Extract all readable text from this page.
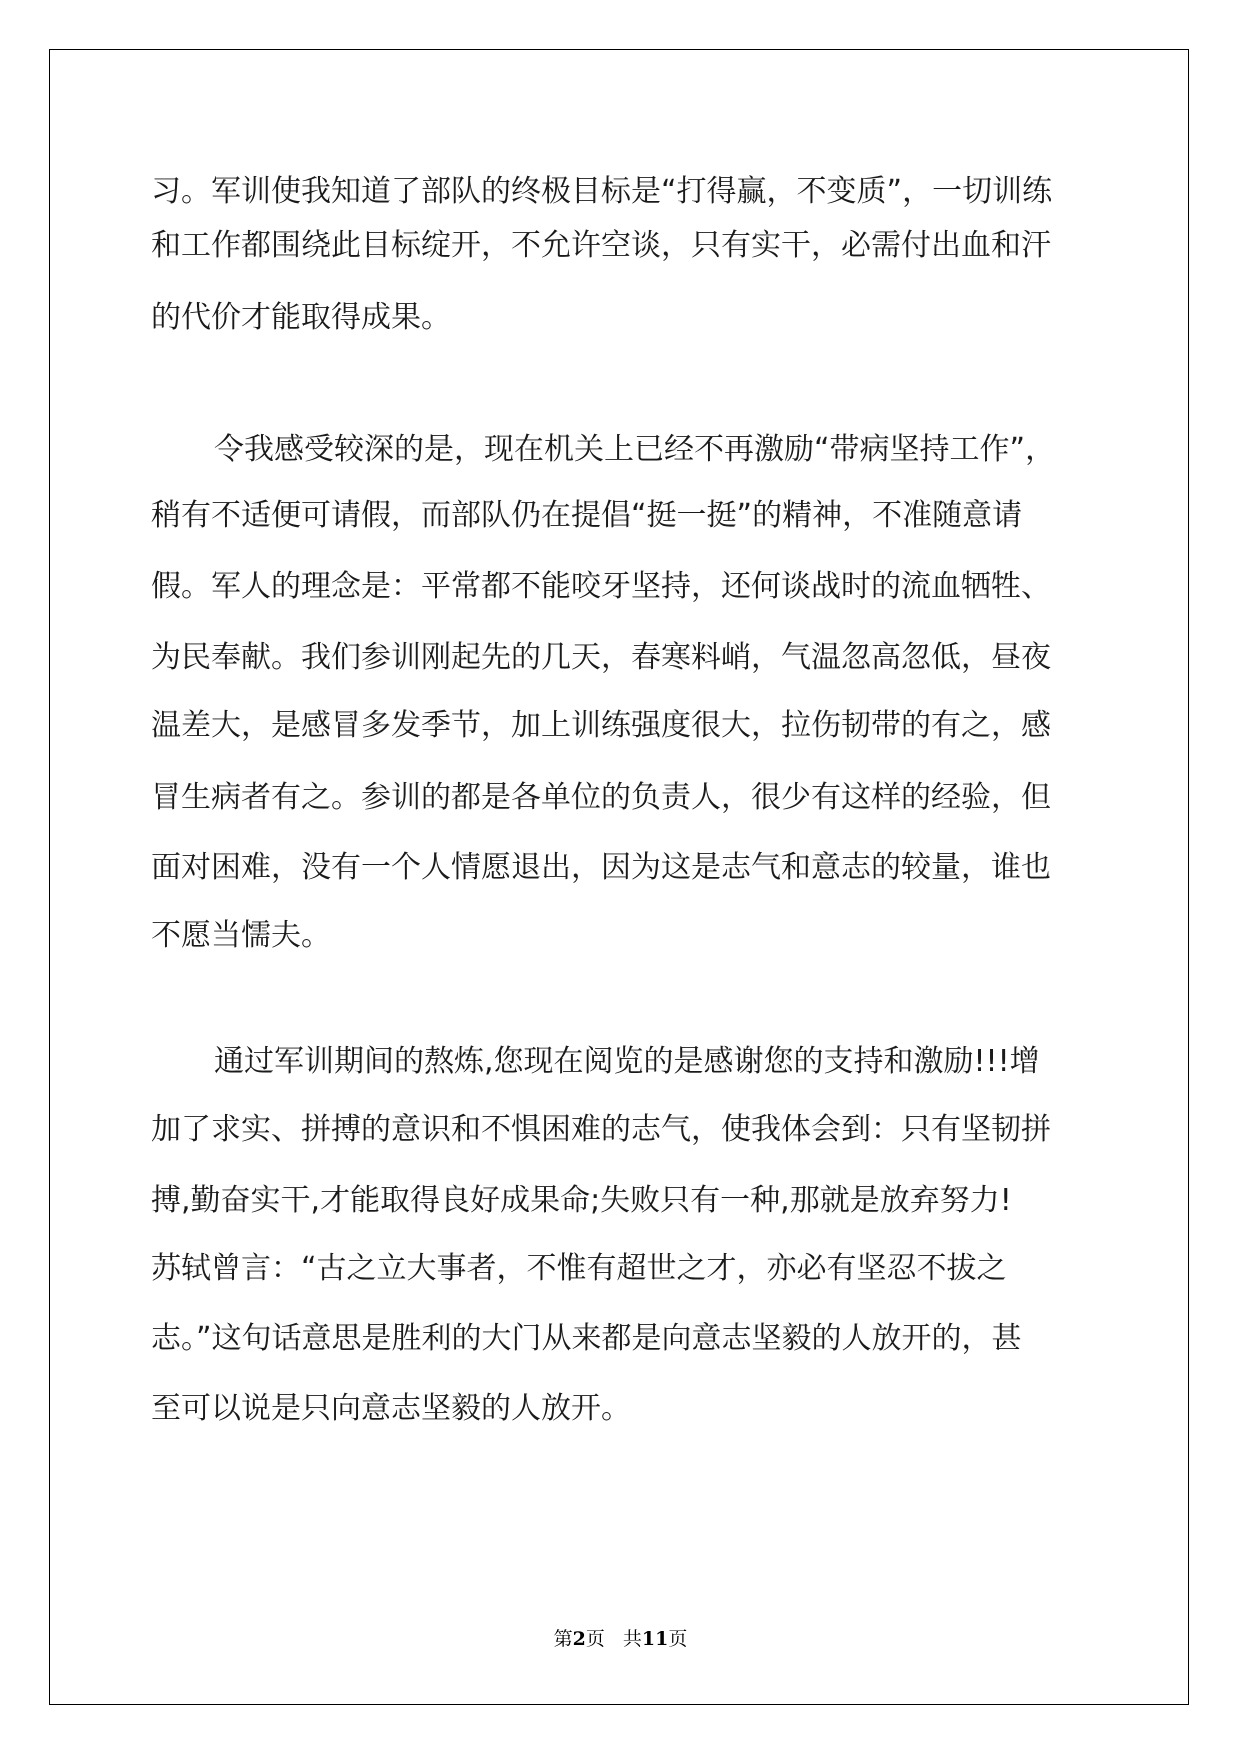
习。军训使我知道了部队的终极目标是“打得赢，不变质”，一切训练
和工作都围绕此目标绽开，不允许空谈，只有实干，必需付出血和汗
的代价才能取得成果。
令我感受较深的是，现在机关上已经不再激励“带病坚持工作”，
稍有不适便可请假，而部队仍在提倡“挺一挺”的精神，不准随意请
假。军人的理念是：平常都不能咬牙坚持，还何谈战时的流血牺牲、
为民奉献。我们参训刚起先的几天，春寒料峭，气温忽高忽低，昼夜
温差大，是感冒多发季节，加上训练强度很大，拉伤韧带的有之，感
冒生病者有之。参训的都是各单位的负责人，很少有这样的经验，但
面对困难，没有一个人情愿退出，因为这是志气和意志的较量，谁也
不愿当懦夫。
通过军训期间的熬炼,您现在阅览的是感谢您的支持和激励!!!增
加了求实、拼搏的意识和不惧困难的志气，使我体会到：只有坚韧拼
搏,勤奋实干,才能取得良好成果命;失败只有一种,那就是放弃努力!
苏轼曾言：“古之立大事者，不惟有超世之才，亦必有坚忍不拔之
志。”这句话意思是胜利的大门从来都是向意志坚毅的人放开的，甚
至可以说是只向意志坚毅的人放开。
第2页 共11页
